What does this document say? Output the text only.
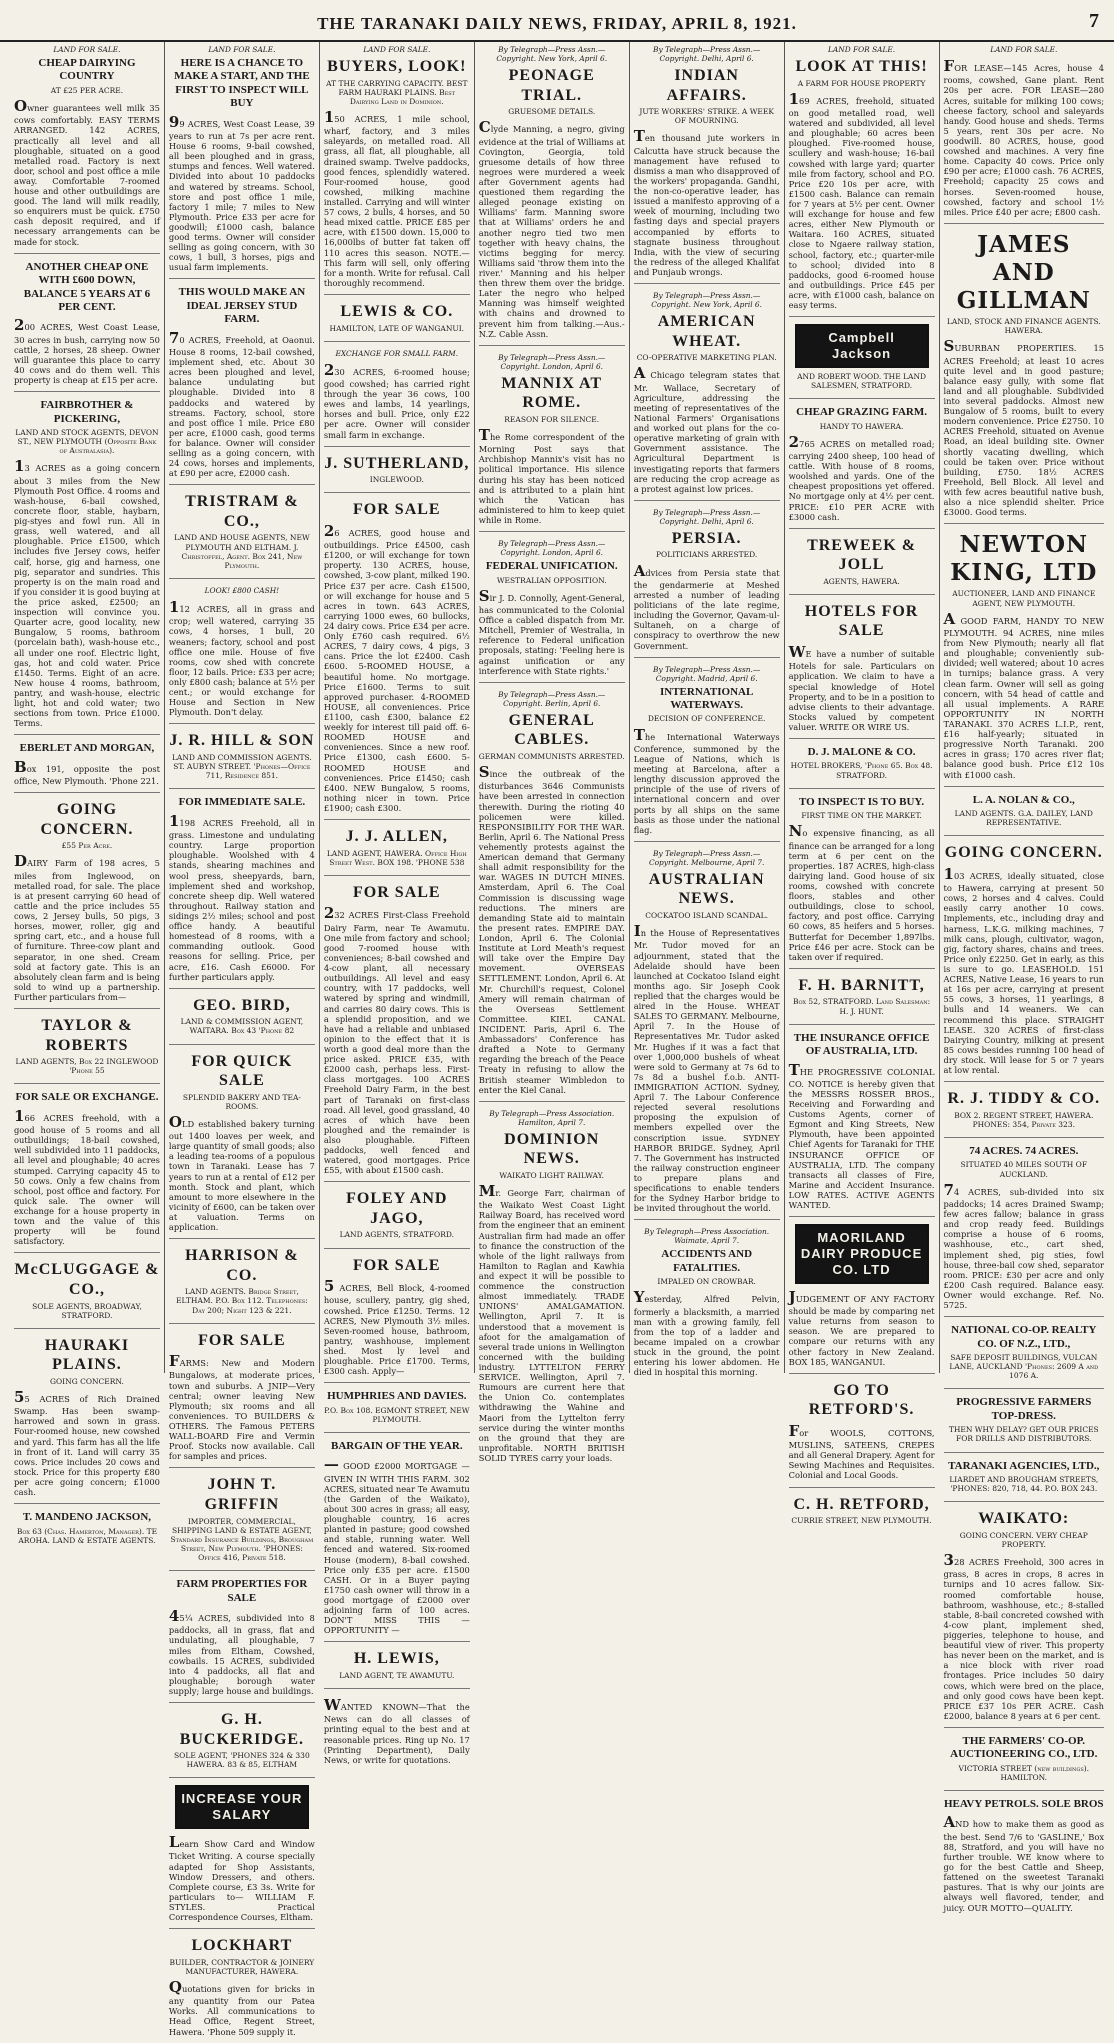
THE TARANAKI DAILY NEWS, FRIDAY, APRIL 8, 1921.	7
LAND FOR SALE.
CHEAP DAIRYING COUNTRY
AT £25 PER ACRE.
Owner guarantees well milk 35 cows comfortably. EASY TERMS ARRANGED. 142 ACRES, practically all level and all ploughable, situated on a good metalled road. Factory is next door, school and post office a mile away. Comfortable 7-roomed house and other outbuildings are good. The land will milk readily, so enquirers must be quick. £750 cash deposit required, and if necessary arrangements can be made for stock.
ANOTHER CHEAP ONE WITH £600 DOWN, BALANCE 5 YEARS AT 6 PER CENT.
200 ACRES, West Coast Lease, 30 acres in bush, carrying now 50 cattle, 2 horses, 28 sheep. Owner will guarantee this place to carry 40 cows and do them well. This property is cheap at £15 per acre.
FAIRBROTHER & PICKERING,
LAND AND STOCK AGENTS, DEVON ST., NEW PLYMOUTH (Opposite Bank of Australasia).
13 ACRES as a going concern about 3 miles from the New Plymouth Post Office. 4 rooms and wash-house, 6-bail cowshed, concrete floor, stable, haybarn, pig-styes and fowl run. All in grass, well watered, and all ploughable. Price £1500, which includes five Jersey cows, heifer calf, horse, gig and harness, one pig, separator and sundries. This property is on the main road and if you consider it is good buying at the price asked, £2500; an inspection will convince you. Quarter acre, good locality, new Bungalow, 5 rooms, bathroom (porcelain bath), wash-house etc., all under one roof. Electric light, gas, hot and cold water. Price £1450. Terms. Eight of an acre. New house 4 rooms, bathroom, pantry, and wash-house, electric light, hot and cold water; two sections from town. Price £1000. Terms.
EBERLET AND MORGAN,
Box 191, opposite the post office, New Plymouth. 'Phone 221.
GOING CONCERN.
£55 Per Acre.
DAIRY Farm of 198 acres, 5 miles from Inglewood, on metalled road, for sale. The place is at present carrying 60 head of cattle and the price includes 55 cows, 2 Jersey bulls, 50 pigs, 3 horses, mower, roller, gig and spring cart, etc., and a house full of furniture. Three-cow plant and separator, in one shed. Cream sold at factory gate. This is an absolutely clean farm and is being sold to wind up a partnership. Further particulars from—
TAYLOR & ROBERTS
LAND AGENTS, Box 22 INGLEWOOD 'Phone 55
FOR SALE OR EXCHANGE.
166 ACRES freehold, with a good house of 5 rooms and all outbuildings; 18-bail cowshed, well subdivided into 11 paddocks, all level and ploughable; 40 acres stumped. Carrying capacity 45 to 50 cows. Only a few chains from school, post office and factory. For quick sale. The owner will exchange for a house property in town and the value of this property will be found satisfactory.
McCLUGGAGE & CO.,
SOLE AGENTS, BROADWAY, STRATFORD.
HAURAKI PLAINS.
GOING CONCERN.
55 ACRES of Rich Drained Swamp. Has been swamp-harrowed and sown in grass. Four-roomed house, new cowshed and yard. This farm has all the life in front of it. Land will carry 35 cows. Price includes 20 cows and stock. Price for this property £80 per acre going concern; £1000 cash.
T. MANDENO JACKSON,
Box 63 (Chas. Hamerton, Manager). TE AROHA. LAND & ESTATE AGENTS.
LAND FOR SALE.
HERE IS A CHANCE TO MAKE A START, AND THE FIRST TO INSPECT WILL BUY
99 ACRES, West Coast Lease, 39 years to run at 7s per acre rent. House 6 rooms, 9-bail cowshed, all been ploughed and in grass, stumps and fences. Well watered. Divided into about 10 paddocks and watered by streams. School, store and post office 1 mile, factory 1 mile; 7 miles to New Plymouth. Price £33 per acre for goodwill; £1000 cash, balance good terms. Owner will consider selling as going concern, with 30 cows, 1 bull, 3 horses, pigs and usual farm implements.
THIS WOULD MAKE AN IDEAL JERSEY STUD FARM.
70 ACRES, Freehold, at Oaonui. House 8 rooms, 12-bail cowshed, implement shed, etc. About 30 acres been ploughed and level, balance undulating but ploughable. Divided into 8 paddocks and watered by streams. Factory, school, store and post office 1 mile. Price £80 per acre, £1000 cash, good terms for balance. Owner will consider selling as a going concern, with 24 cows, horses and implements, at £90 per acre, £2000 cash.
TRISTRAM & CO.,
LAND AND HOUSE AGENTS, NEW PLYMOUTH AND ELTHAM. J. Christoffel, Agent. Box 241, New Plymouth.
LOOK! £800 CASH!
112 ACRES, all in grass and crop; well watered, carrying 35 cows, 4 horses, 1 bull, 20 weaners; factory, school and post office one mile. House of five rooms, cow shed with concrete floor, 12 bails. Price: £33 per acre; only £800 cash; balance at 5½ per cent.; or would exchange for House and Section in New Plymouth. Don't delay.
J. R. HILL & SON
LAND AND COMMISSION AGENTS. ST. AUBYN STREET. 'Phones—Office 711, Residence 851.
FOR IMMEDIATE SALE.
1198 ACRES Freehold, all in grass. Limestone and undulating country. Large proportion ploughable. Woolshed with 4 stands, shearing machines and wool press, sheepyards, barn, implement shed and workshop, concrete sheep dip. Well watered throughout. Railway station and sidings 2½ miles; school and post office handy. A beautiful homestead of 8 rooms, with a commanding outlook. Good reasons for selling. Price, per acre, £16. Cash £6000. For further particulars apply.
GEO. BIRD,
LAND & COMMISSION AGENT, WAITARA. Box 43 'Phone 82
FOR QUICK SALE
SPLENDID BAKERY AND TEA-ROOMS.
OLD established bakery turning out 1400 loaves per week, and large quantity of small goods; also a leading tea-rooms of a populous town in Taranaki. Lease has 7 years to run at a rental of £12 per month. Stock and plant, which amount to more elsewhere in the vicinity of £600, can be taken over at valuation. Terms on application.
HARRISON & CO.
LAND AGENTS. Bridge Street, ELTHAM. P.O. Box 112. Telephones: Day 200; Night 123 & 221.
FOR SALE
FARMS: New and Modern Bungalows, at moderate prices, town and suburbs. A JNIP—Very central; owner leaving New Plymouth; six rooms and all conveniences. TO BUILDERS & OTHERS. The Famous PETERS WALL-BOARD Fire and Vermin Proof. Stocks now available. Call for samples and prices.
JOHN T. GRIFFIN
IMPORTER, COMMERCIAL, SHIPPING LAND & ESTATE AGENT, Standard Insurance Buildings, Brougham Street, New Plymouth. 'PHONES: Office 416, Private 518.
FARM PROPERTIES FOR SALE
45¼ ACRES, subdivided into 8 paddocks, all in grass, flat and undulating, all ploughable, 7 miles from Eltham, Cowshed, cowbails. 15 ACRES, subdivided into 4 paddocks, all flat and ploughable; borough water supply; large house and buildings.
G. H. BUCKERIDGE.
SOLE AGENT, 'PHONES 324 & 330 HAWERA. 83 & 85, ELTHAM
INCREASE YOUR SALARY
Learn Show Card and Window Ticket Writing. A course specially adapted for Shop Assistants, Window Dressers, and others. Complete course, £3 3s. Write for particulars to— WILLIAM F. STYLES. Practical Correspondence Courses, Eltham.
LOCKHART
BUILDER, CONTRACTOR & JOINERY MANUFACTURER, HAWERA.
Quotations given for bricks in any quantity from our Patea Works. All communications to Head Office, Regent Street, Hawera. 'Phone 509 supply it.
LAND FOR SALE.
BUYERS, LOOK!
AT THE CARRYING CAPACITY. BEST FARM HAURAKI PLAINS. Best Dairying Land in Dominion.
150 ACRES, 1 mile school, wharf, factory, and 3 miles saleyards, on metalled road. All grass, all flat, all ploughable, all drained swamp. Twelve paddocks, good fences, splendidly watered. Four-roomed house, good cowshed, milking machine installed. Carrying and will winter 57 cows, 2 bulls, 4 horses, and 50 head mixed cattle. PRICE £85 per acre, with £1500 down. 15,000 to 16,000lbs of butter fat taken off 110 acres this season. NOTE.—This farm will sell, only offering for a month. Write for refusal. Call thoroughly recommend.
LEWIS & CO.
HAMILTON, LATE OF WANGANUI.
EXCHANGE FOR SMALL FARM.
230 ACRES, 6-roomed house; good cowshed; has carried right through the year 36 cows, 100 ewes and lambs, 14 yearlings, horses and bull. Price, only £22 per acre. Owner will consider small farm in exchange.
J. SUTHERLAND,
INGLEWOOD.
FOR SALE
26 ACRES, good house and outbuildings. Price £4500, cash £1200, or will exchange for town property. 130 ACRES, house, cowshed, 3-cow plant, milked 190. Price £37 per acre. Cash £1500, or will exchange for house and 5 acres in town. 643 ACRES, carrying 1000 ewes, 60 bullocks, 24 dairy cows. Price £34 per acre. Only £760 cash required. 6½ ACRES, 7 dairy cows, 4 pigs, 3 cans. Price the lot £2400. Cash £600. 5-ROOMED HOUSE, a beautiful home. No mortgage. Price £1600. Terms to suit approved purchaser. 4-ROOMED HOUSE, all conveniences. Price £1100, cash £300, balance £2 weekly for interest till paid off. 6-ROOMED HOUSE and conveniences. Since a new roof. Price £1300, cash £600. 5-ROOMED HOUSE and conveniences. Price £1450; cash £400. NEW Bungalow, 5 rooms, nothing nicer in town. Price £1900; cash £300.
J. J. ALLEN,
LAND AGENT, HAWERA. Office High Street West. BOX 198. 'PHONE 538
FOR SALE
232 ACRES First-Class Freehold Dairy Farm, near Te Awamutu. One mile from factory and school; good 7-roomed house with conveniences; 8-bail cowshed and 4-cow plant, all necessary outbuildings. All level and easy country, with 17 paddocks, well watered by spring and windmill, and carries 80 dairy cows. This is a splendid proposition, and we have had a reliable and unbiased opinion to the effect that it is worth a good deal more than the price asked. PRICE £35, with £2000 cash, perhaps less. First-class mortgages. 100 ACRES Freehold Dairy Farm, in the best part of Taranaki on first-class road. All level, good grassland, 40 acres of which have been ploughed and the remainder is also ploughable. Fifteen paddocks, well fenced and watered, good mortgages. Price £55, with about £1500 cash.
FOLEY AND JAGO,
LAND AGENTS, STRATFORD.
FOR SALE
5 ACRES, Bell Block, 4-roomed house, scullery, pantry, gig shed, cowshed. Price £1250. Terms. 12 ACRES, New Plymouth 3½ miles. Seven-roomed house, bathroom, pantry, washhouse, implement shed. Most ly level and ploughable. Price £1700. Terms, £300 cash. Apply—
HUMPHRIES AND DAVIES.
P.O. Box 108. EGMONT STREET, NEW PLYMOUTH.
BARGAIN OF THE YEAR.
— GOOD £2000 MORTGAGE — GIVEN IN WITH THIS FARM. 302 ACRES, situated near Te Awamutu (the Garden of the Waikato), about 300 acres in grass; all easy, ploughable country, 16 acres planted in pasture; good cowshed and stable, running water. Well fenced and watered. Six-roomed House (modern), 8-bail cowshed. Price only £35 per acre. £1500 CASH. Or in a Buyer paying £1750 cash owner will throw in a good mortgage of £2000 over adjoining farm of 100 acres. DON'T MISS THIS — OPPORTUNITY —
H. LEWIS,
LAND AGENT, TE AWAMUTU.
WANTED KNOWN—That the News can do all classes of printing equal to the best and at reasonable prices. Ring up No. 17 (Printing Department), Daily News, or write for quotations.
By Telegraph—Press Assn.—Copyright. New York, April 6.
PEONAGE TRIAL.
GRUESOME DETAILS.
Clyde Manning, a negro, giving evidence at the trial of Williams at Covington, Georgia, told gruesome details of how three negroes were murdered a week after Government agents had questioned them regarding the alleged peonage existing on Williams' farm. Manning swore that at Williams' orders he and another negro tied two men together with heavy chains, the victims begging for mercy. Williams said 'throw them into the river.' Manning and his helper then threw them over the bridge. Later the negro who helped Manning was himself weighted with chains and drowned to prevent him from talking.—Aus.-N.Z. Cable Assn.
By Telegraph—Press Assn.—Copyright. London, April 6.
MANNIX AT ROME.
REASON FOR SILENCE.
The Rome correspondent of the Morning Post says that Archbishop Mannix's visit has no political importance. His silence during his stay has been noticed and is attributed to a plain hint which the Vatican has administered to him to keep quiet while in Rome.
By Telegraph—Press Assn.—Copyright. London, April 6.
FEDERAL UNIFICATION.
WESTRALIAN OPPOSITION.
Sir J. D. Connolly, Agent-General, has communicated to the Colonial Office a cabled dispatch from Mr. Mitchell, Premier of Westralia, in reference to Federal unification proposals, stating: 'Feeling here is against unification or any interference with State rights.'
By Telegraph—Press Assn.—Copyright. Berlin, April 6.
GENERAL CABLES.
GERMAN COMMUNISTS ARRESTED.
Since the outbreak of the disturbances 3646 Communists have been arrested in connection therewith. During the rioting 40 policemen were killed. RESPONSIBILITY FOR THE WAR. Berlin, April 6. The National Press vehemently protests against the American demand that Germany shall admit responsibility for the war. WAGES IN DUTCH MINES. Amsterdam, April 6. The Coal Commission is discussing wage reductions. The miners are demanding State aid to maintain the present rates. EMPIRE DAY. London, April 6. The Colonial Institute at Lord Meath's request will take over the Empire Day movement. OVERSEAS SETTLEMENT. London, April 6. At Mr. Churchill's request, Colonel Amery will remain chairman of the Overseas Settlement Committee. KIEL CANAL INCIDENT. Paris, April 6. The Ambassadors' Conference has drafted a Note to Germany regarding the breach of the Peace Treaty in refusing to allow the British steamer Wimbledon to enter the Kiel Canal.
By Telegraph—Press Association. Hamilton, April 7.
DOMINION NEWS.
WAIKATO LIGHT RAILWAY.
Mr. George Farr, chairman of the Waikato West Coast Light Railway Board, has received word from the engineer that an eminent Australian firm had made an offer to finance the construction of the whole of the light railways from Hamilton to Raglan and Kawhia and expect it will be possible to commence the construction almost immediately. TRADE UNIONS' AMALGAMATION. Wellington, April 7. It is understood that a movement is afoot for the amalgamation of several trade unions in Wellington concerned with the building industry. LYTTELTON FERRY SERVICE. Wellington, April 7. Rumours are current here that the Union Co. contemplates withdrawing the Wahine and Maori from the Lyttelton ferry service during the winter months on the ground that they are unprofitable. NORTH BRITISH SOLID TYRES carry your loads.
By Telegraph—Press Assn.—Copyright. Delhi, April 6.
INDIAN AFFAIRS.
JUTE WORKERS' STRIKE. A WEEK OF MOURNING.
Ten thousand jute workers in Calcutta have struck because the management have refused to dismiss a man who disapproved of the workers' propaganda. Gandhi, the non-co-operative leader, has issued a manifesto approving of a week of mourning, including two fasting days and special prayers accompanied by efforts to stagnate business throughout India, with the view of securing the redress of the alleged Khalifat and Punjaub wrongs.
By Telegraph—Press Assn.—Copyright. New York, April 6.
AMERICAN WHEAT.
CO-OPERATIVE MARKETING PLAN.
A Chicago telegram states that Mr. Wallace, Secretary of Agriculture, addressing the meeting of representatives of the National Farmers' Organisations and worked out plans for the co-operative marketing of grain with Government assistance. The Agricultural Department is investigating reports that farmers are reducing the crop acreage as a protest against low prices.
By Telegraph—Press Assn.—Copyright. Delhi, April 6.
PERSIA.
POLITICIANS ARRESTED.
Advices from Persia state that the gendarmerie at Meshed arrested a number of leading politicians of the late regime, including the Governor, Qavam-ul-Sultaneh, on a charge of conspiracy to overthrow the new Government.
By Telegraph—Press Assn.—Copyright. Madrid, April 6.
INTERNATIONAL WATERWAYS.
DECISION OF CONFERENCE.
The International Waterways Conference, summoned by the League of Nations, which is meeting at Barcelona, after a lengthy discussion approved the principle of the use of rivers of international concern and over ports by all ships on the same basis as those under the national flag.
By Telegraph—Press Assn.—Copyright. Melbourne, April 7.
AUSTRALIAN NEWS.
COCKATOO ISLAND SCANDAL.
In the House of Representatives Mr. Tudor moved for an adjournment, stated that the Adelaide should have been launched at Cockatoo Island eight months ago. Sir Joseph Cook replied that the charges would be aired in the House. WHEAT SALES TO GERMANY. Melbourne, April 7. In the House of Representatives Mr. Tudor asked Mr. Hughes if it was a fact that over 1,000,000 bushels of wheat were sold to Germany at 7s 6d to 7s 8d a bushel f.o.b. ANTI-IMMIGRATION ACTION. Sydney, April 7. The Labour Conference rejected several resolutions proposing the expulsion of members expelled over the conscription issue. SYDNEY HARBOR BRIDGE. Sydney, April 7. The Government has instructed the railway construction engineer to prepare plans and specifications to enable tenders for the Sydney Harbor bridge to be invited throughout the world.
By Telegraph—Press Association. Waimate, April 7.
ACCIDENTS AND FATALITIES.
IMPALED ON CROWBAR.
Yesterday, Alfred Pelvin, formerly a blacksmith, a married man with a growing family, fell from the top of a ladder and became impaled on a crowbar stuck in the ground, the point entering his lower abdomen. He died in hospital this morning.
LAND FOR SALE.
LOOK AT THIS!
A FARM FOR HOUSE PROPERTY
169 ACRES, freehold, situated on good metalled road, well watered and subdivided, all level and ploughable; 60 acres been ploughed. Five-roomed house, scullery and wash-house; 16-bail cowshed with large yard; quarter mile from factory, school and P.O. Price £20 10s per acre, with £1500 cash. Balance can remain for 7 years at 5½ per cent. Owner will exchange for house and few acres, either New Plymouth or Waitara. 160 ACRES, situated close to Ngaere railway station, school, factory, etc.; quarter-mile to school; divided into 8 paddocks, good 6-roomed house and outbuildings. Price £45 per acre, with £1000 cash, balance on easy terms.
Campbell Jackson
AND ROBERT WOOD. THE LAND SALESMEN, STRATFORD.
CHEAP GRAZING FARM.
HANDY TO HAWERA.
2765 ACRES on metalled road; carrying 2400 sheep, 100 head of cattle. With house of 8 rooms, woolshed and yards. One of the cheapest propositions yet offered. No mortgage only at 4½ per cent. PRICE: £10 PER ACRE with £3000 cash.
TREWEEK & JOLL
AGENTS, HAWERA.
HOTELS FOR SALE
WE have a number of suitable Hotels for sale. Particulars on application. We claim to have a special knowledge of Hotel Property, and to be in a position to advise clients to their advantage. Stocks valued by competent valuer. WRITE OR WIRE US.
D. J. MALONE & CO.
HOTEL BROKERS, 'Phone 65. Box 48. STRATFORD.
TO INSPECT IS TO BUY.
FIRST TIME ON THE MARKET.
No expensive financing, as all finance can be arranged for a long term at 6 per cent on the properties. 187 ACRES, high-class dairying land. Good house of six rooms, cowshed with concrete floors, stables and other outbuildings, close to school, factory, and post office. Carrying 60 cows, 85 heifers and 5 horses. Butterfat for December 1,897lbs. Price £46 per acre. Stock can be taken over if required.
F. H. BARNITT,
Box 52, STRATFORD. Land Salesman: H. J. HUNT.
THE INSURANCE OFFICE OF AUSTRALIA, LTD.
THE PROGRESSIVE COLONIAL CO. NOTICE is hereby given that the MESSRS ROSSER BROS., Receiving and Forwarding and Customs Agents, corner of Egmont and King Streets, New Plymouth, have been appointed Chief Agents for Taranaki for THE INSURANCE OFFICE OF AUSTRALIA, LTD. The company transacts all classes of Fire, Marine and Accident Insurance. LOW RATES. ACTIVE AGENTS WANTED.
MAORILAND DAIRY PRODUCE CO. LTD
JUDGEMENT OF ANY FACTORY should be made by comparing net value returns from season to season. We are prepared to compare our returns with any other factory in New Zealand. BOX 185, WANGANUI.
GO TO RETFORD'S.
For WOOLS, COTTONS, MUSLINS, SATEENS, CREPES and all General Drapery. Agent for Sewing Machines and Requisites. Colonial and Local Goods.
C. H. RETFORD,
CURRIE STREET, NEW PLYMOUTH.
LAND FOR SALE.
FOR LEASE—145 Acres, house 4 rooms, cowshed, Gane plant. Rent 20s per acre. FOR LEASE—280 Acres, suitable for milking 100 cows; cheese factory, school and saleyards handy. Good house and sheds. Terms 5 years, rent 30s per acre. No goodwill. 80 ACRES, house, good cowshed and machines. A very fine home. Capacity 40 cows. Price only £90 per acre; £1000 cash. 76 ACRES, Freehold; capacity 25 cows and horses. Seven-roomed house, cowshed, factory and school 1½ miles. Price £40 per acre; £800 cash.
JAMES AND GILLMAN
LAND, STOCK AND FINANCE AGENTS. HAWERA.
SUBURBAN PROPERTIES. 15 ACRES Freehold; at least 10 acres quite level and in good pasture; balance easy gully, with some flat land and all ploughable. Subdivided into several paddocks. Almost new Bungalow of 5 rooms, built to every modern convenience. Price £2750. 10 ACRES Freehold, situated on Avenue Road, an ideal building site. Owner shortly vacating dwelling, which could be taken over. Price without building, £750. 18½ ACRES Freehold, Bell Block. All level and with few acres beautiful native bush, also a nice splendid shelter. Price £3000. Good terms.
NEWTON KING, LTD
AUCTIONEER, LAND AND FINANCE AGENT, NEW PLYMOUTH.
A GOOD FARM, HANDY TO NEW PLYMOUTH. 94 ACRES, nine miles from New Plymouth; nearly all flat and ploughable; conveniently sub-divided; well watered; about 10 acres in turnips; balance grass. A very clean farm. Owner will sell as going concern, with 54 head of cattle and all usual implements. A RARE OPPORTUNITY IN NORTH TARANAKI. 370 ACRES L.I.P., rent, £16 half-yearly; situated in progressive North Taranaki. 200 acres in grass; 170 acres river flat; balance good bush. Price £12 10s with £1000 cash.
L. A. NOLAN & CO.,
LAND AGENTS. G.A. DAILEY, LAND REPRESENTATIVE.
GOING CONCERN.
103 ACRES, ideally situated, close to Hawera, carrying at present 50 cows, 2 horses and 4 calves. Could easily carry another 10 cows. Implements, etc., including dray and harness, L.K.G. milking machines, 7 milk cans, plough, cultivator, wagon, gig, factory shares, chains and trees. Price only £2250. Get in early, as this is sure to go. LEASEHOLD. 151 ACRES, Native Lease, 16 years to run at 16s per acre, carrying at present 55 cows, 3 horses, 11 yearlings, 8 bulls and 14 weaners. We can recommend this place. STRAIGHT LEASE. 320 ACRES of first-class Dairying Country, milking at present 85 cows besides running 100 head of dry stock. Will lease for 5 or 7 years at low rental.
R. J. TIDDY & CO.
BOX 2. REGENT STREET, HAWERA. PHONES: 354, Private 323.
74 ACRES. 74 ACRES.
SITUATED 40 MILES SOUTH OF AUCKLAND.
74 ACRES, sub-divided into six paddocks; 14 acres Drained Swamp; few acres fallow; balance in grass and crop ready feed. Buildings comprise a house of 6 rooms, washhouse, etc., cart shed, implement shed, pig sties, fowl house, three-bail cow shed, separator room. PRICE: £30 per acre and only £200 Cash required. Balance easy. Owner would exchange. Ref. No. 5725.
NATIONAL CO-OP. REALTY CO. OF N.Z., LTD.,
SAFE DEPOSIT BUILDINGS, VULCAN LANE, AUCKLAND 'Phones: 2609 A and 1076 A.
PROGRESSIVE FARMERS TOP-DRESS.
THEN WHY DELAY? GET OUR PRICES FOR DRILLS AND DISTRIBUTORS.
TARANAKI AGENCIES, LTD.,
LIARDET AND BROUGHAM STREETS, 'PHONES: 820, 718, 44. P.O. BOX 243.
WAIKATO:
GOING CONCERN. VERY CHEAP PROPERTY.
328 ACRES Freehold, 300 acres in grass, 8 acres in crops, 8 acres in turnips and 10 acres fallow. Six-roomed comfortable house, bathroom, washhouse, etc.; 8-stalled stable, 8-bail concreted cowshed with 4-cow plant, implement shed, piggeries, telephone to house, and beautiful view of river. This property has never been on the market, and is a nice block with river road frontages. Price includes 50 dairy cows, which were bred on the place, and only good cows have been kept. PRICE £37 10s PER ACRE. Cash £2000, balance 8 years at 6 per cent.
THE FARMERS' CO-OP. AUCTIONEERING CO., LTD.
VICTORIA STREET (new buildings). HAMILTON.
HEAVY PETROLS. SOLE BROS
AND how to make them as good as the best. Send 7/6 to 'GASLINE,' Box 88, Stratford, and you will have no further trouble. WE know where to go for the best Cattle and Sheep, fattened on the sweetest Taranaki pastures. That is why our joints are always well flavored, tender, and juicy. OUR MOTTO—QUALITY.
